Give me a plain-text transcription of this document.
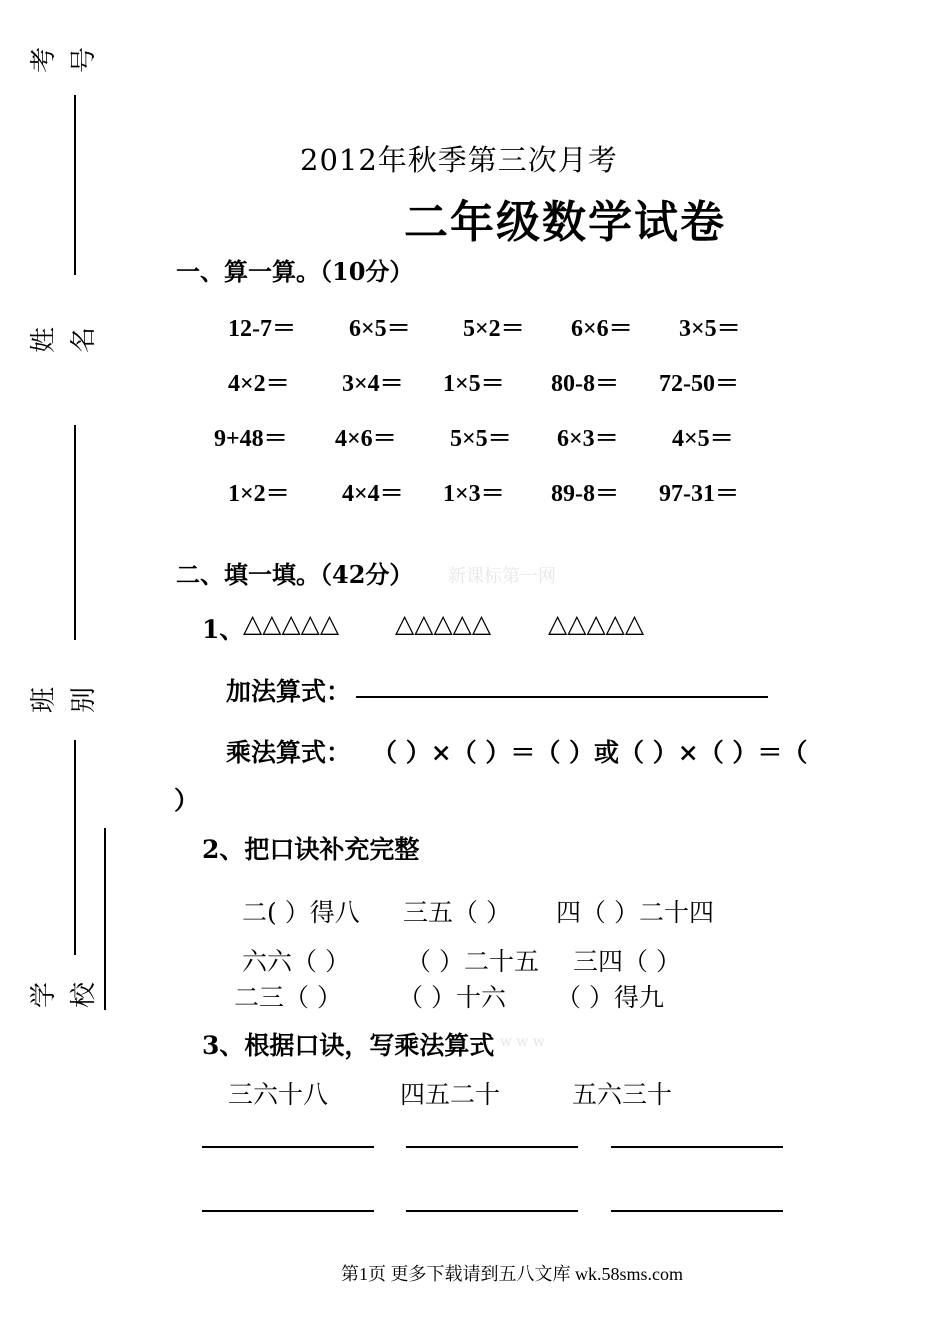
考号
姓名
班别
学校
2012年秋季第三次月考
二年级数学试卷
一、算一算。（10分）
12-7＝ 6×5＝ 5×2＝ 6×6＝ 3×5＝
4×2＝ 3×4＝ 1×5＝ 80-8＝ 72-50＝
9+48＝ 4×6＝ 5×5＝ 6×3＝ 4×5＝
1×2＝ 4×4＝ 1×3＝ 89-8＝ 97-31＝
二、填一填。（42分） 新课标第一网
1、
△△△△△ △△△△△ △△△△△
加法算式：
乘法算式： （ ）×（ ）＝（ ）或（ ）×（ ）＝（
）
2、把口诀补充完整
二( ）得八 三五（ ） 四（ ）二十四
六六（ ） （ ）二十五 三四（ ）
二三（ ） （ ）十六 （ ）得九
3、根据口诀，写乘法算式 w w w
三六十八	四五二十	五六三十
第1页 更多下载请到五八文库 wk.58sms.com
